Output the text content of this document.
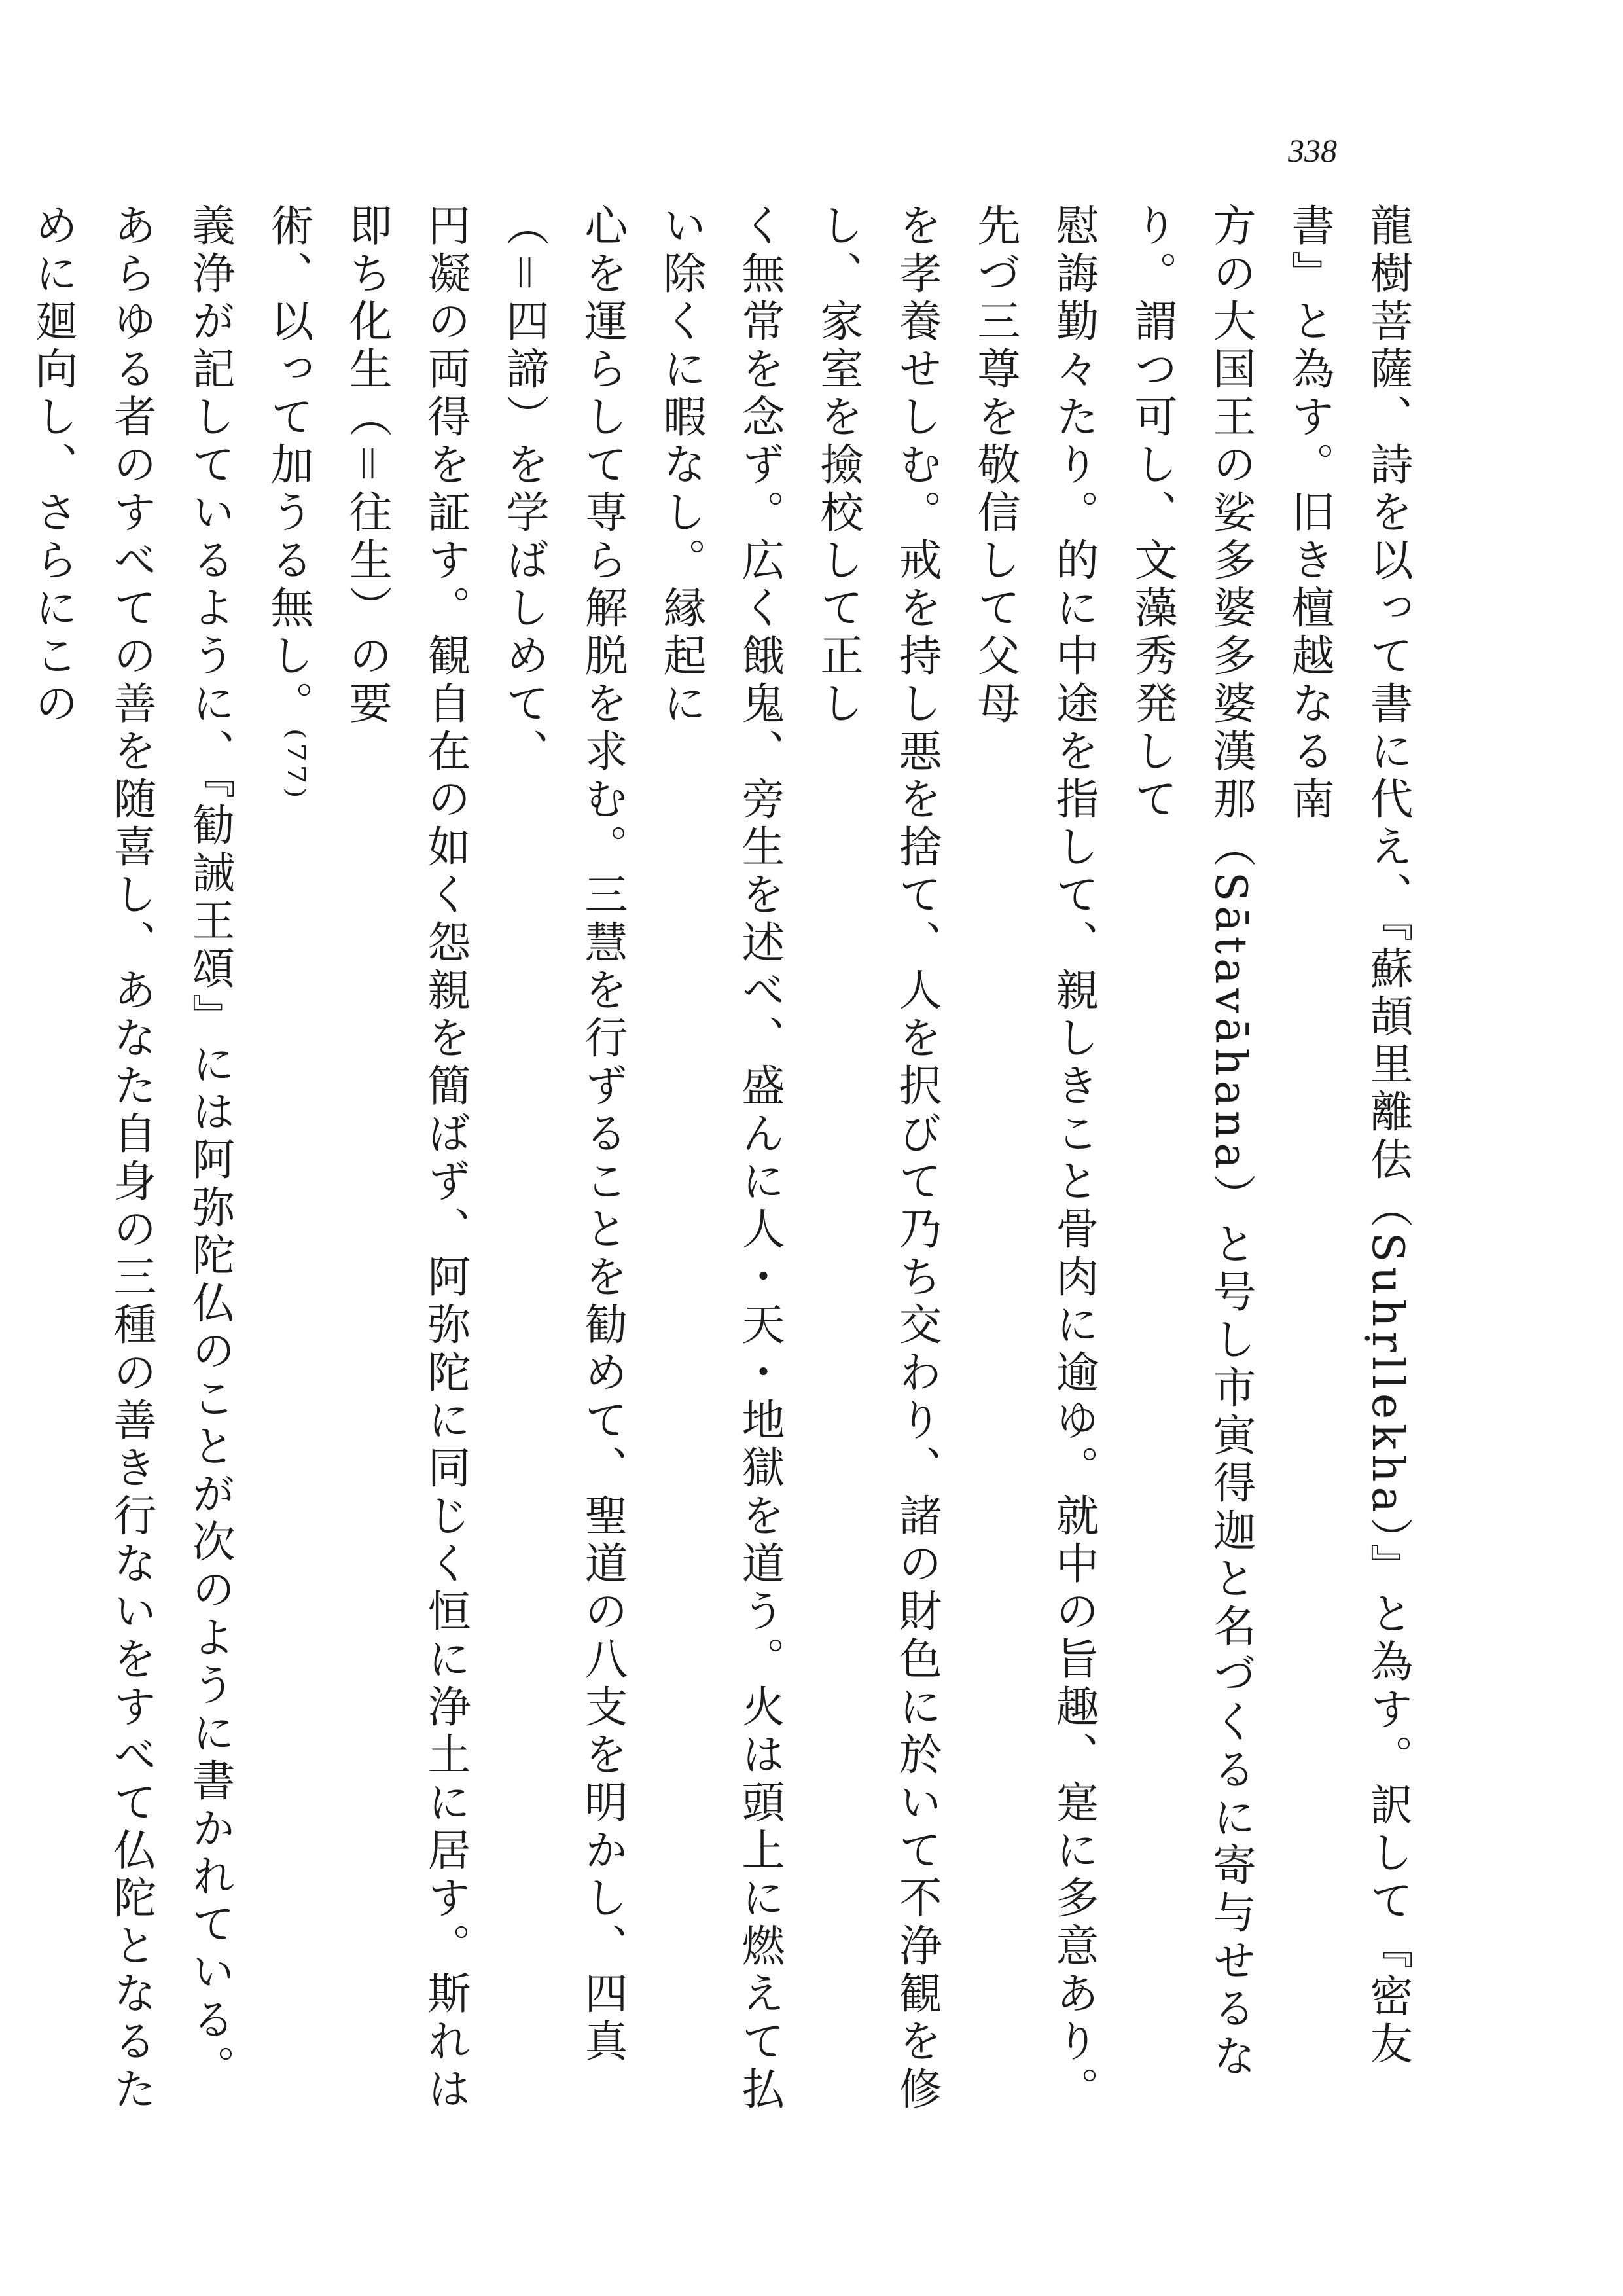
338
龍樹菩薩、詩を以って書に代え、『蘇頡里離佉（Suhṛllekha）』と為す。訳して『密友書』と為す。旧き檀越なる南
方の大国王の娑多婆多婆漢那（Sātavāhana）と号し市寅得迦と名づくるに寄与せるなり。謂つ可し、文藻秀発して
慰誨勤々たり。的に中途を指して、親しきこと骨肉に逾ゆ。就中の旨趣、寔に多意あり。先づ三尊を敬信して父母
を孝養せしむ。戒を持し悪を捨て、人を択びて乃ち交わり、諸の財色に於いて不浄観を修し、家室を撿校して正し
く無常を念ず。広く餓鬼、旁生を述べ、盛んに人・天・地獄を道う。火は頭上に燃えて払い除くに暇なし。縁起に
心を運らして専ら解脱を求む。三慧を行ずることを勧めて、聖道の八支を明かし、四真（＝四諦）を学ばしめて、
円凝の両得を証す。観自在の如く怨親を簡ばず、阿弥陀に同じく恒に浄土に居す。斯れは即ち化生（＝往生）の要
術、以って加うる無し。⁽⁷⁷⁾
義浄が記しているように、『勧誡王頌』には阿弥陀仏のことが次のように書かれている。
あらゆる者のすべての善を随喜し、あなた自身の三種の善き行ないをすべて仏陀となるために廻向し、さらにこの
